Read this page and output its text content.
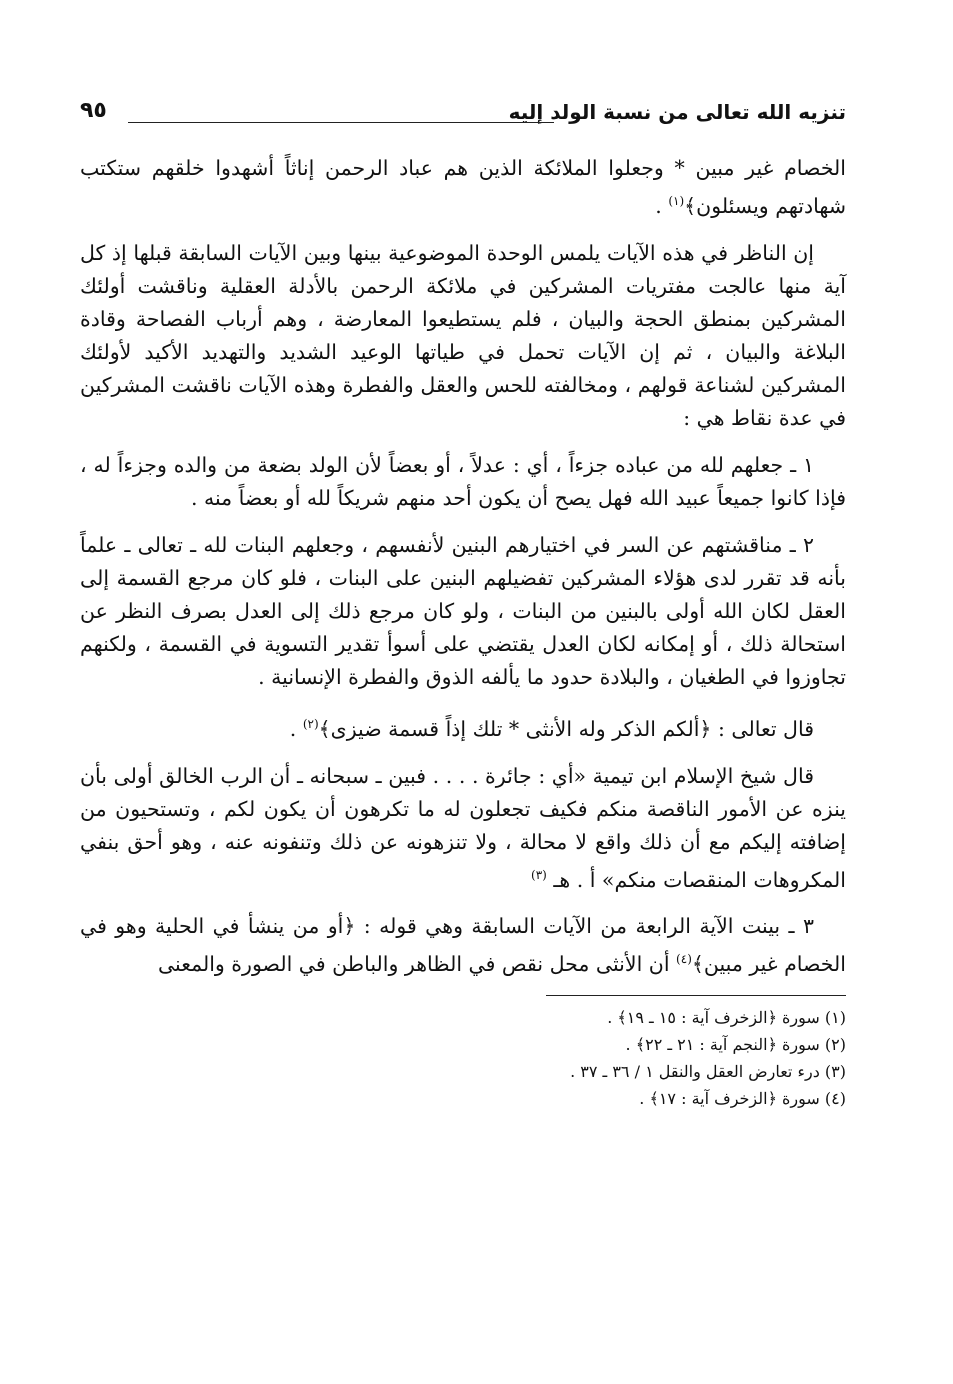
تنزيه الله تعالى من نسبة الولد إليه
٩٥

الخصام غير مبين * وجعلوا الملائكة الذين هم عباد الرحمن إناثاً أشهدوا خلقهم ستكتب شهادتهم ويسئلون﴾$^{(١)}$ .

إن الناظر في هذه الآيات يلمس الوحدة الموضوعية بينها وبين الآيات السابقة قبلها إذ كل آية منها عالجت مفتريات المشركين في ملائكة الرحمن بالأدلة العقلية وناقشت أولئك المشركين بمنطق الحجة والبيان ، فلم يستطيعوا المعارضة ، وهم أرباب الفصاحة وقادة البلاغة والبيان ، ثم إن الآيات تحمل في طياتها الوعيد الشديد والتهديد الأكيد لأولئك المشركين لشناعة قولهم ، ومخالفته للحس والعقل والفطرة وهذه الآيات ناقشت المشركين في عدة نقاط هي :

١ ـ جعلهم لله من عباده جزءاً ، أي : عدلاً ، أو بعضاً لأن الولد بضعة من والده وجزءاً له ، فإذا كانوا جميعاً عبيد الله فهل يصح أن يكون أحد منهم شريكاً لله أو بعضاً منه .

٢ ـ مناقشتهم عن السر في اختيارهم البنين لأنفسهم ، وجعلهم البنات لله ـ تعالى ـ علماً بأنه قد تقرر لدى هؤلاء المشركين تفضيلهم البنين على البنات ، فلو كان مرجع القسمة إلى العقل لكان الله أولى بالبنين من البنات ، ولو كان مرجع ذلك إلى العدل بصرف النظر عن استحالة ذلك ، أو إمكانه لكان العدل يقتضي على أسوأ تقدير التسوية في القسمة ، ولكنهم تجاوزوا في الطغيان ، والبلادة حدود ما يألفه الذوق والفطرة الإنسانية .

قال تعالى : ﴿ألكم الذكر وله الأنثى * تلك إذاً قسمة ضيزى﴾$^{(٢)}$ .

قال شيخ الإسلام ابن تيمية «أي : جائرة . . . . فبين ـ سبحانه ـ أن الرب الخالق أولى بأن ينزه عن الأمور الناقصة منكم فكيف تجعلون له ما تكرهون أن يكون لكم ، وتستحيون من إضافته إليكم مع أن ذلك واقع لا محالة ، ولا تنزهونه عن ذلك وتنفونه عنه ، وهو أحق بنفي المكروهات المنقصات منكم» أ . هـ $^{(٣)}$

٣ ـ بينت الآية الرابعة من الآيات السابقة وهي قوله : ﴿أو من ينشأ في الحلية وهو في الخصام غير مبين﴾$^{(٤)}$ أن الأنثى محل نقص في الظاهر والباطن في الصورة والمعنى

(١) سورة ﴿الزخرف آية : ١٥ ـ ١٩﴾ .
(٢) سورة ﴿النجم آية : ٢١ ـ ٢٢﴾ .
(٣) درء تعارض العقل والنقل ١ / ٣٦ ـ ٣٧ .
(٤) سورة ﴿الزخرف آية : ١٧﴾ .
